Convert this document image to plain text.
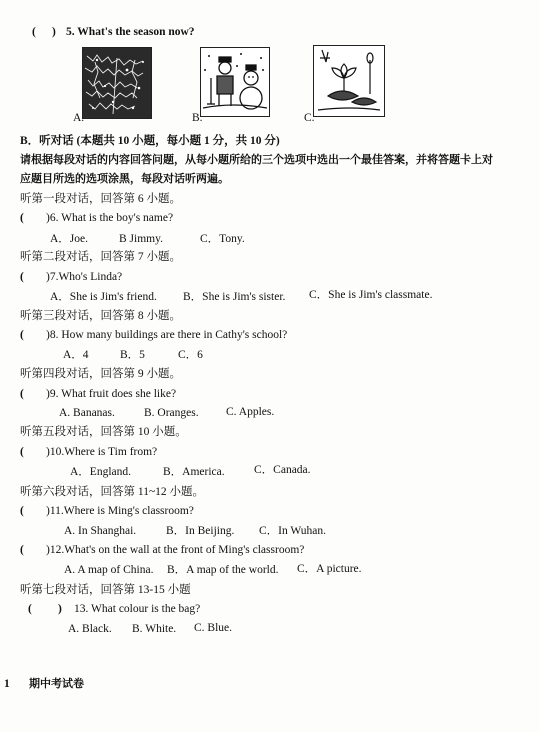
( ) 5. What's the season now?
A.	B.	C.
B．听对话 (本题共 10 小题，每小题 1 分，共 10 分)
请根据每段对话的内容回答问题，从每小题所给的三个选项中选出一个最佳答案，并将答题卡上对
应题目所选的选项涂黑，每段对话听两遍。
听第一段对话，回答第 6 小题。
( )6. What is the boy's name?
A．Joe.	B Jimmy.	C．Tony.
听第二段对话，回答第 7 小题。
( )7.Who's Linda?
A．She is Jim's friend. B．She is Jim's sister. C．She is Jim's classmate.
听第三段对话，回答第 8 小题。
( )8. How many buildings are there in Cathy's school?
A．4	B．5	C．6
听第四段对话，回答第 9 小题。
( )9. What fruit does she like?
A. Bananas.	B. Oranges. C. Apples.
听第五段对话，回答第 10 小题。
( )10.Where is Tim from?
A．England.	B．America.	C．Canada.
听第六段对话，回答第 11~12 小题。
( )11.Where is Ming's classroom?
A. In Shanghai.	B．In Beijing. C．In Wuhan.
( )12.What's on the wall at the front of Ming's classroom?
A. A map of China. B．A map of the world. C．A picture.
听第七段对话，回答第 13-15 小题
( ) 13. What colour is the bag?
A. Black. B. White. C. Blue.
1 期中考试卷
